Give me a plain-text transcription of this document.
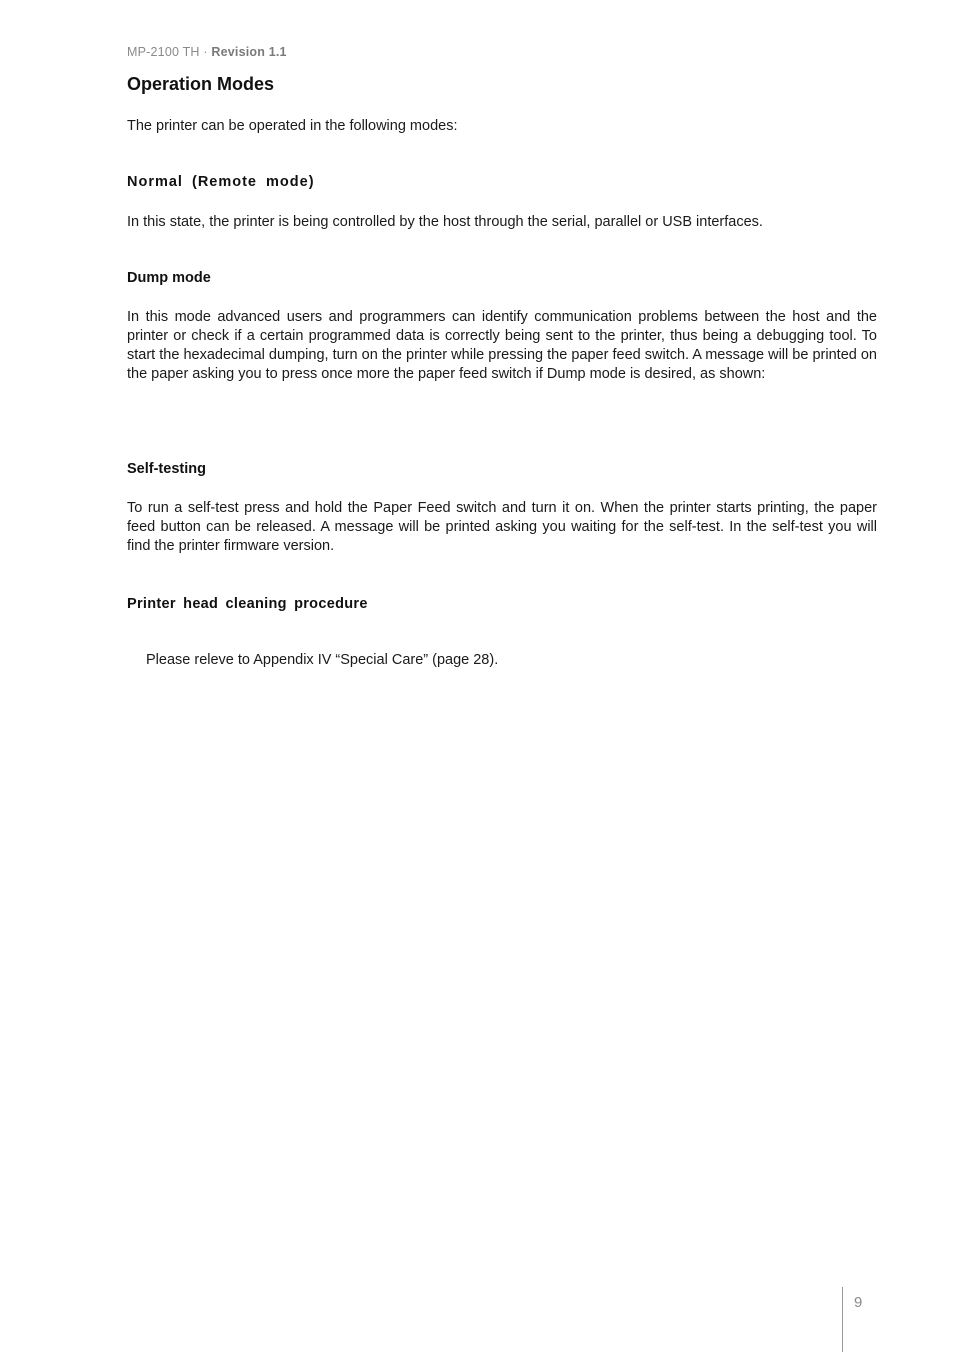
MP-2100 TH · Revision 1.1
Operation Modes

The printer can be operated in the following modes:

Normal (Remote mode)

In this state, the printer is being controlled by the host through the serial, parallel or USB interfaces.

Dump mode

In this mode advanced users and programmers can identify communication problems between the host and the printer or check if a certain programmed data is correctly being sent to the printer, thus being a debugging tool. To start the hexadecimal dumping, turn on the printer while pressing the paper feed switch. A message will be printed on the paper asking you to press once more the paper feed switch if Dump mode is desired, as shown:

Self-testing

To run a self-test press and hold the Paper Feed switch and turn it on. When the printer starts printing, the paper feed button can be released. A message will be printed asking you waiting for the self-test. In the self-test you will find the printer firmware version.

Printer head cleaning procedure

Please releve to Appendix IV “Special Care” (page 28).

9
